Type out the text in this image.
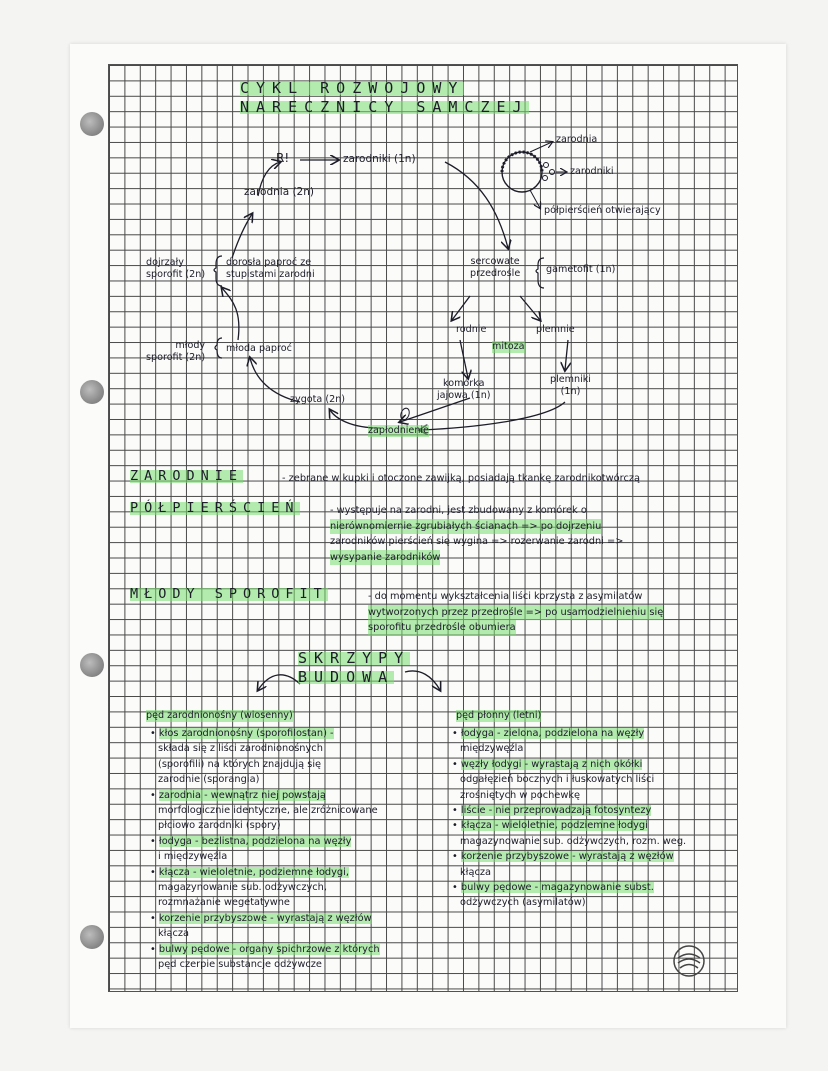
CYKL ROZWOJOWY
NARECZNICY SAMCZEJ
R!	zarodniki (1n)
zarodnia (2n)
dojrzały
sporofit (2n)
dorosła paproć ze
stupistami zarodni
młody
sporofit (2n)
młoda paproć
zygota (2n)
zapłodnienie
komórka
jajowa (1n)
plemniki
(1n)
rodnie	plemnie
mitoza
sercowate
przedrośle	gametofit (1n)
zarodnia
zarodniki
półpierścień otwierający
ZARODNIE	- zebrane w kupki i otoczone zawijką, posiadają tkankę zarodnikotwórczą
PÓŁPIERŚCIEŃ	- występuje na zarodni, jest zbudowany z komórek o
nierównomiernie zgrubiałych ścianach => po dojrzeniu
zarodników pierścień się wygina => rozerwanie zarodni =>
wysypanie zarodników
MŁODY SPOROFIT	- do momentu wykształcenia liści korzysta z asymilatów
wytworzonych przez przedrośle => po usamodzielnieniu się
sporofitu przedrośle obumiera
SKRZYPY
BUDOWA
pęd zarodnionośny (wiosenny)
• kłos zarodnionośny (sporofilostan) -
składa się z liści zarodnionośnych
(sporofili) na których znajdują się
zarodnie (sporangia)
• zarodnia - wewnątrz niej powstają
morfologicznie identyczne, ale zróżnicowane
płciowo zarodniki (spory)
• łodyga - bezlistna, podzielona na węzły
i międzywęźla
• kłącza - wieloletnie, podziemne łodygi,
magazynowanie sub. odżywczych,
rozmnażanie wegetatywne
• korzenie przybyszowe - wyrastają z węzłów
kłącza
• bulwy pędowe - organy spichrzowe z których
pęd czerpie substancje odżywcze
pęd płonny (letni)
• łodyga - zielona, podzielona na węzły
międzywęźla
• węzły łodygi - wyrastają z nich okółki
odgałęzień bocznych i łuskowatych liści
zrośniętych w pochewkę
• liście - nie przeprowadzają fotosyntezy
• kłącza - wieloletnie, podziemne łodygi
magazynowanie sub. odżywczych, rozm. weg.
• korzenie przybyszowe - wyrastają z węzłów
kłącza
• bulwy pędowe - magazynowanie subst.
odżywczych (asymilatów)
